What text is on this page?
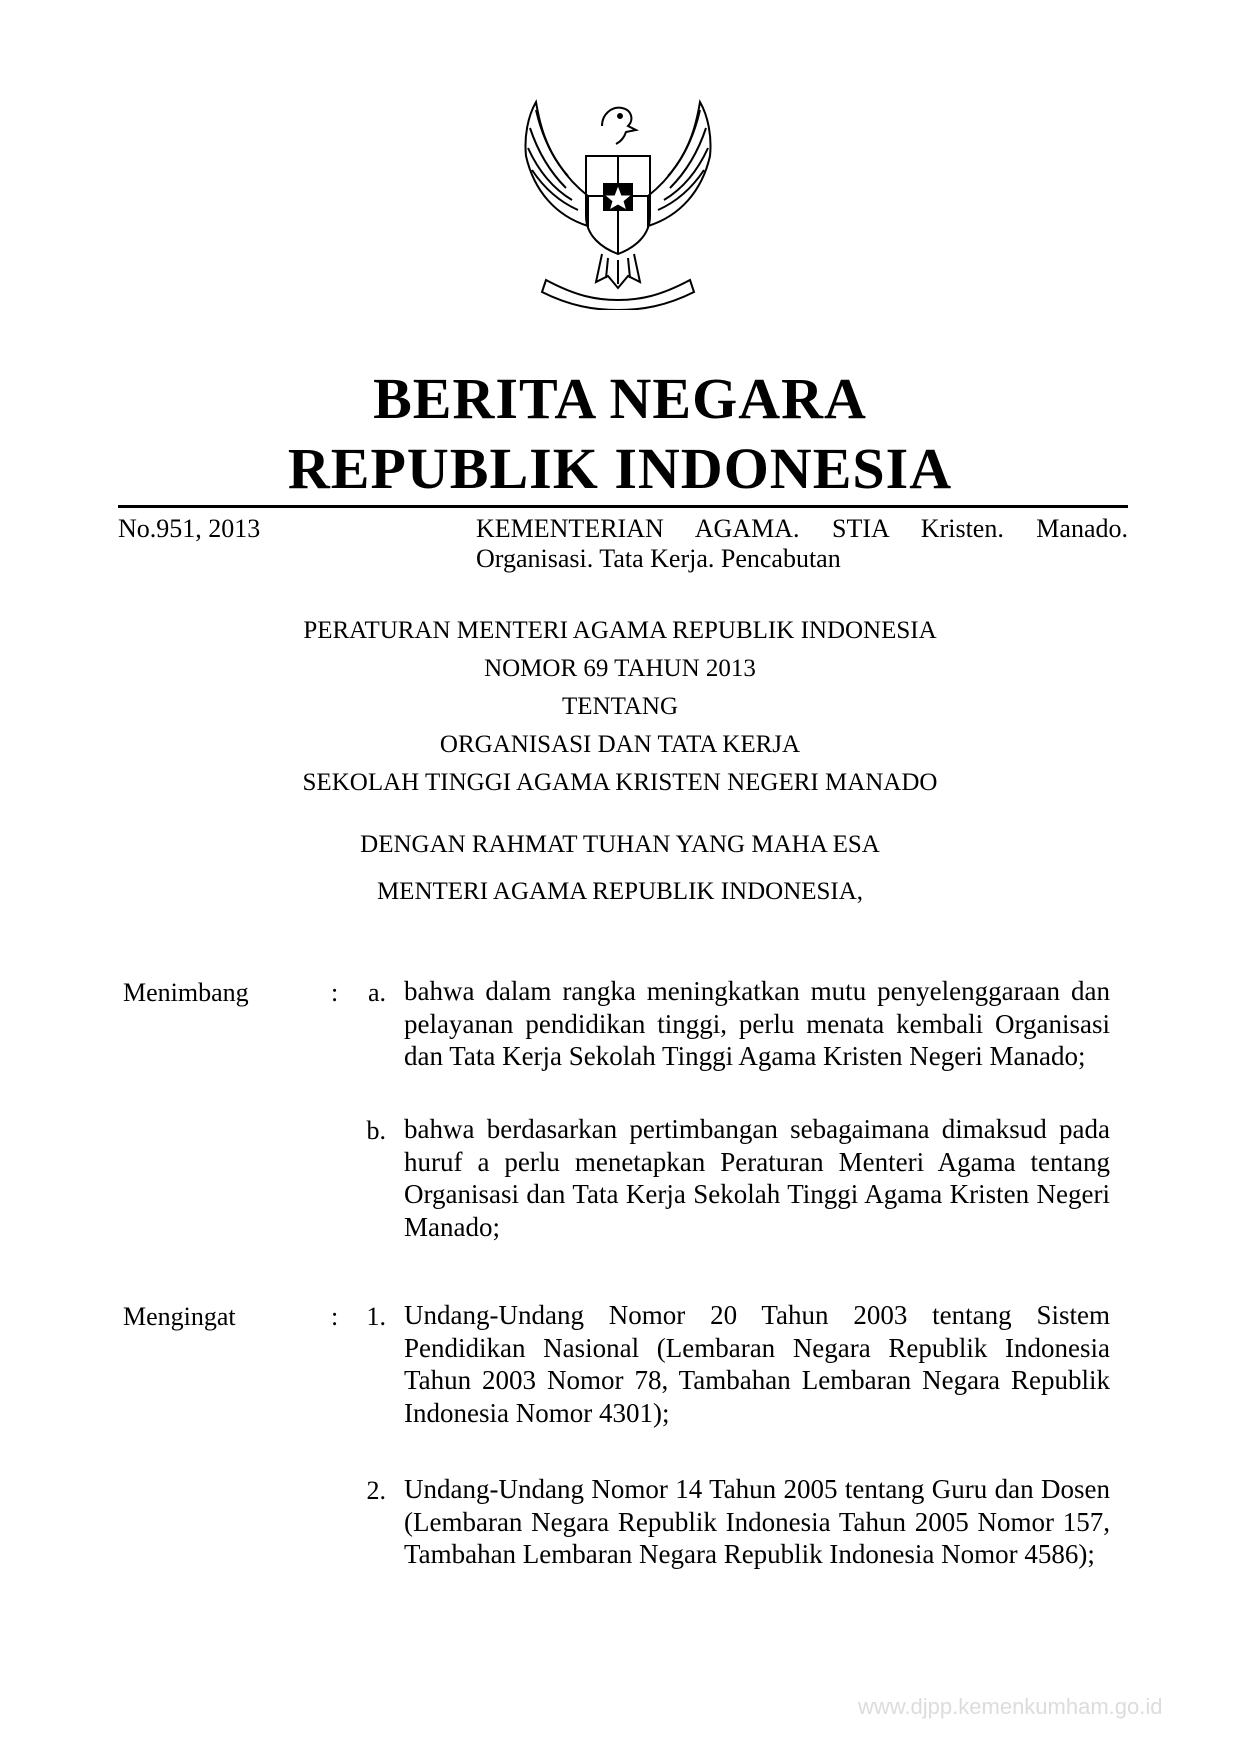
BERITA NEGARA
REPUBLIK INDONESIA
No.951, 2013	KEMENTERIAN AGAMA. STIA Kristen. Manado.
Organisasi. Tata Kerja. Pencabutan
PERATURAN MENTERI AGAMA REPUBLIK INDONESIA
NOMOR 69 TAHUN 2013
TENTANG
ORGANISASI DAN TATA KERJA
SEKOLAH TINGGI AGAMA KRISTEN NEGERI MANADO
DENGAN RAHMAT TUHAN YANG MAHA ESA
MENTERI AGAMA REPUBLIK INDONESIA,
Menimbang	:	a. bahwa dalam rangka meningkatkan mutu penyelenggaraan dan pelayanan pendidikan tinggi, perlu menata kembali Organisasi dan Tata Kerja Sekolah Tinggi Agama Kristen Negeri Manado;
b. bahwa berdasarkan pertimbangan sebagaimana dimaksud pada huruf a perlu menetapkan Peraturan Menteri Agama tentang Organisasi dan Tata Kerja Sekolah Tinggi Agama Kristen Negeri Manado;
Mengingat	:	1. Undang-Undang Nomor 20 Tahun 2003 tentang Sistem Pendidikan Nasional (Lembaran Negara Republik Indonesia Tahun 2003 Nomor 78, Tambahan Lembaran Negara Republik Indonesia Nomor 4301);
2. Undang-Undang Nomor 14 Tahun 2005 tentang Guru dan Dosen (Lembaran Negara Republik Indonesia Tahun 2005 Nomor 157, Tambahan Lembaran Negara Republik Indonesia Nomor 4586);
www.djpp.kemenkumham.go.id
